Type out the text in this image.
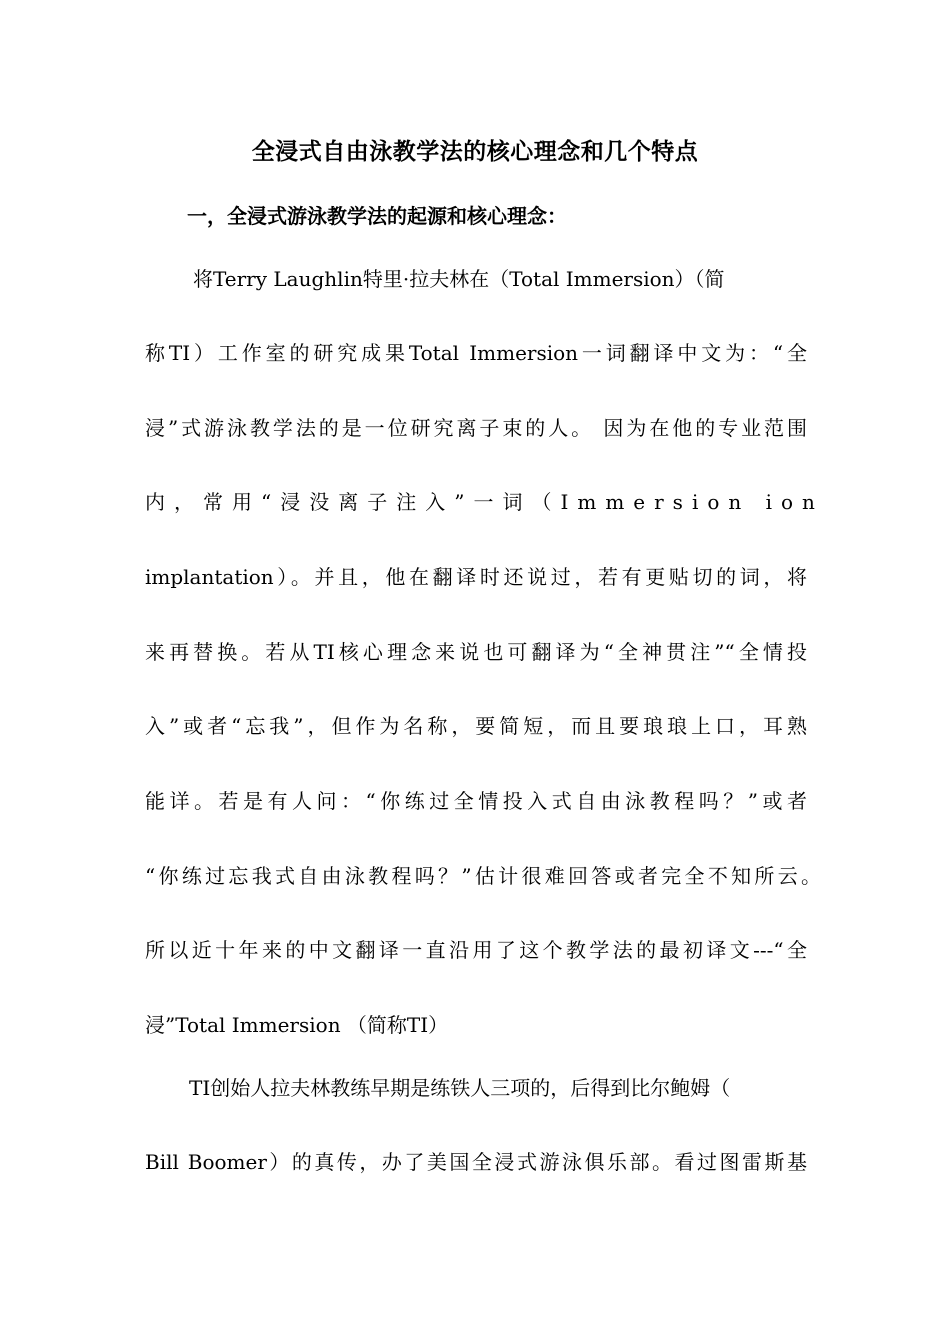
全浸式自由泳教学法的核心理念和几个特点
一，全浸式游泳教学法的起源和核心理念：
将Terry Laughlin特里·拉夫林在（Total Immersion）（简
称TI）工作室的研究成果Total Immersion一词翻译中文为：“全
浸”式游泳教学法的是一位研究离子束的人。 因为在他的专业范围
内，常用“浸没离子注入”一词（Immersion ion
implantation）。并且，他在翻译时还说过，若有更贴切的词，将
来再替换。若从TI核心理念来说也可翻译为“全神贯注”“全情投
入”或者“忘我”，但作为名称，要简短，而且要琅琅上口，耳熟
能详。若是有人问：“你练过全情投入式自由泳教程吗？”或者
“你练过忘我式自由泳教程吗？”估计很难回答或者完全不知所云。
所以近十年来的中文翻译一直沿用了这个教学法的最初译文---“全
浸”Total Immersion （简称TI）
TI创始人拉夫林教练早期是练铁人三项的，后得到比尔鲍姆（
Bill Boomer）的真传，办了美国全浸式游泳俱乐部。看过图雷斯基
